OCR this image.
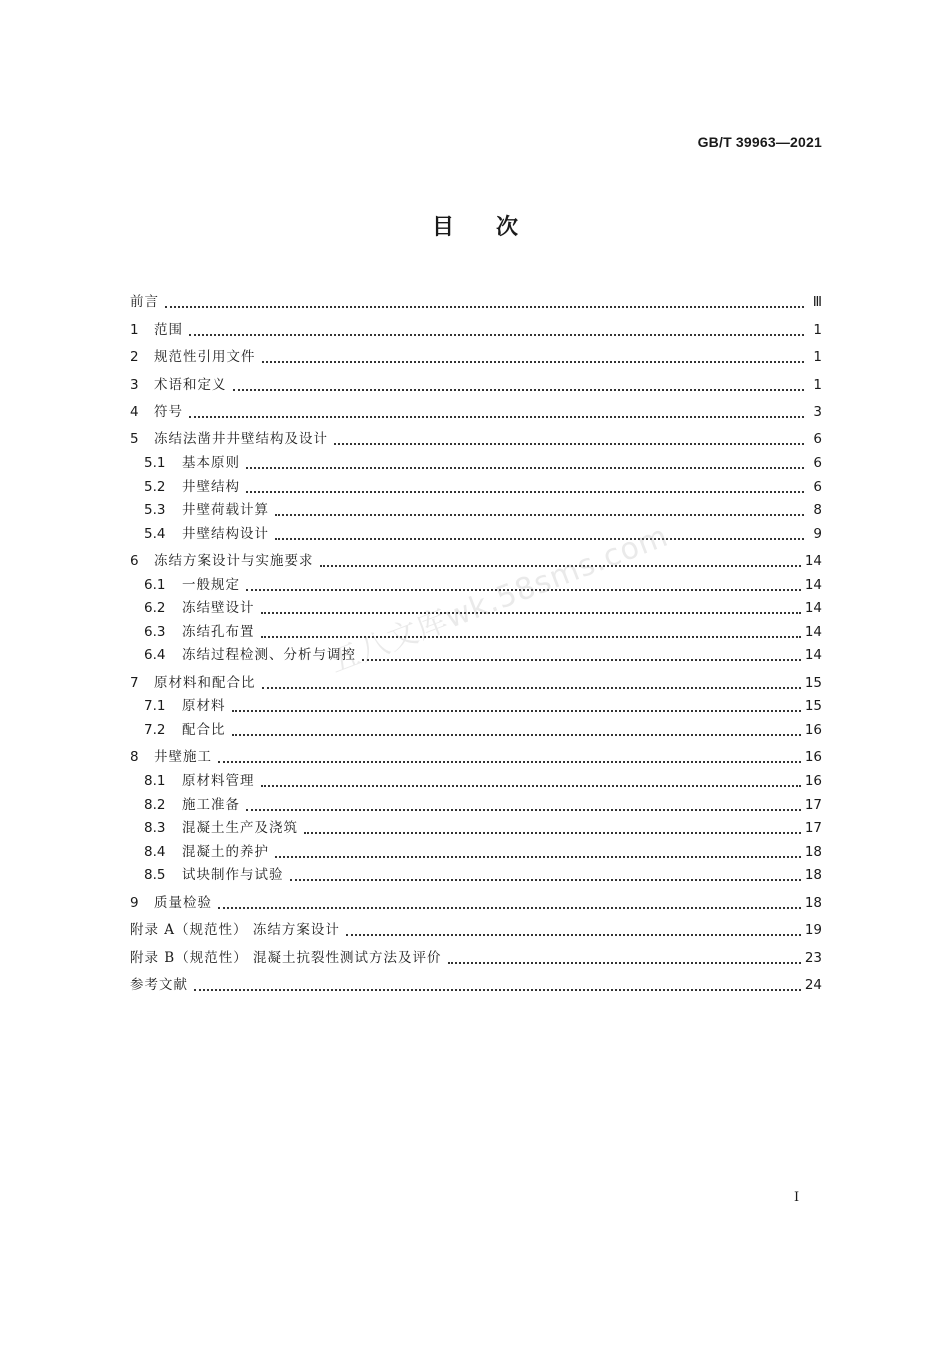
GB/T 39963—2021
目 次
前言	Ⅲ
1	范围	1
2	规范性引用文件	1
3	术语和定义	1
4	符号	3
5	冻结法凿井井壁结构及设计	6
5.1	基本原则	6
5.2	井壁结构	6
5.3	井壁荷载计算	8
5.4	井壁结构设计	9
6	冻结方案设计与实施要求	14
6.1	一般规定	14
6.2	冻结壁设计	14
6.3	冻结孔布置	14
6.4	冻结过程检测、分析与调控	14
7	原材料和配合比	15
7.1	原材料	15
7.2	配合比	16
8	井壁施工	16
8.1	原材料管理	16
8.2	施工准备	17
8.3	混凝土生产及浇筑	17
8.4	混凝土的养护	18
8.5	试块制作与试验	18
9	质量检验	18
附录 A（规范性） 冻结方案设计	19
附录 B（规范性） 混凝土抗裂性测试方法及评价	23
参考文献	24
五八文库wk.58sms.com
I
